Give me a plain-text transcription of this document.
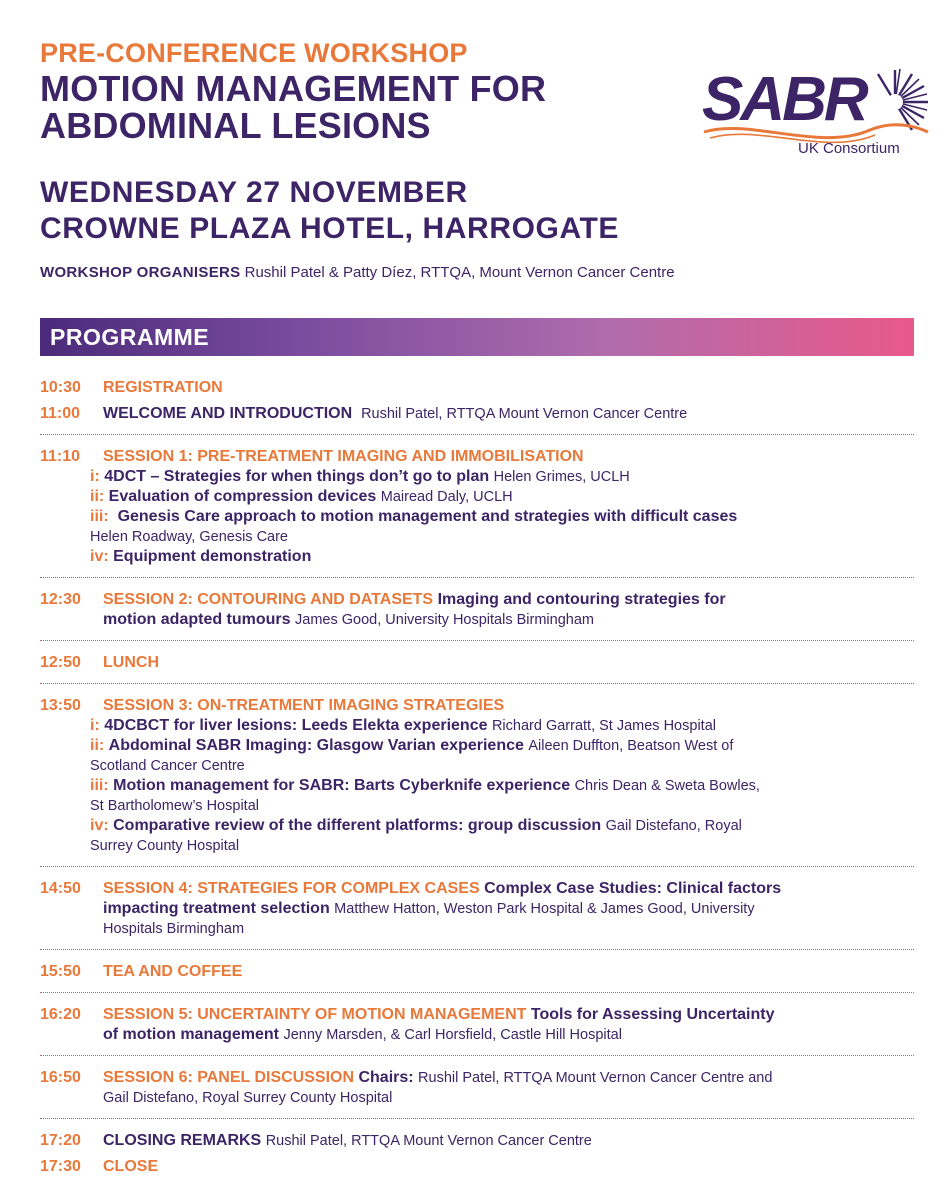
PRE-CONFERENCE WORKSHOP
MOTION MANAGEMENT FOR
ABDOMINAL LESIONS	SABR
UK Consortium
WEDNESDAY 27 NOVEMBER
CROWNE PLAZA HOTEL, HARROGATE
WORKSHOP ORGANISERS Rushil Patel & Patty Díez, RTTQA, Mount Vernon Cancer Centre
PROGRAMME
10:30	REGISTRATION
11:00	WELCOME AND INTRODUCTION Rushil Patel, RTTQA Mount Vernon Cancer Centre
11:10	SESSION 1: PRE-TREATMENT IMAGING AND IMMOBILISATION
i: 4DCT – Strategies for when things don’t go to plan Helen Grimes, UCLH
ii: Evaluation of compression devices Mairead Daly, UCLH
iii: Genesis Care approach to motion management and strategies with difficult cases
Helen Roadway, Genesis Care
iv: Equipment demonstration
12:30	SESSION 2: CONTOURING AND DATASETS Imaging and contouring strategies for
motion adapted tumours James Good, University Hospitals Birmingham
12:50	LUNCH
13:50	SESSION 3: ON-TREATMENT IMAGING STRATEGIES
i: 4DCBCT for liver lesions: Leeds Elekta experience Richard Garratt, St James Hospital
ii: Abdominal SABR Imaging: Glasgow Varian experience Aileen Duffton, Beatson West of
Scotland Cancer Centre
iii: Motion management for SABR: Barts Cyberknife experience Chris Dean & Sweta Bowles,
St Bartholomew’s Hospital
iv: Comparative review of the different platforms: group discussion Gail Distefano, Royal
Surrey County Hospital
14:50	SESSION 4: STRATEGIES FOR COMPLEX CASES Complex Case Studies: Clinical factors
impacting treatment selection Matthew Hatton, Weston Park Hospital & James Good, University
Hospitals Birmingham
15:50	TEA AND COFFEE
16:20	SESSION 5: UNCERTAINTY OF MOTION MANAGEMENT Tools for Assessing Uncertainty
of motion management Jenny Marsden, & Carl Horsfield, Castle Hill Hospital
16:50	SESSION 6: PANEL DISCUSSION Chairs: Rushil Patel, RTTQA Mount Vernon Cancer Centre and
Gail Distefano, Royal Surrey County Hospital
17:20	CLOSING REMARKS Rushil Patel, RTTQA Mount Vernon Cancer Centre
17:30	CLOSE
